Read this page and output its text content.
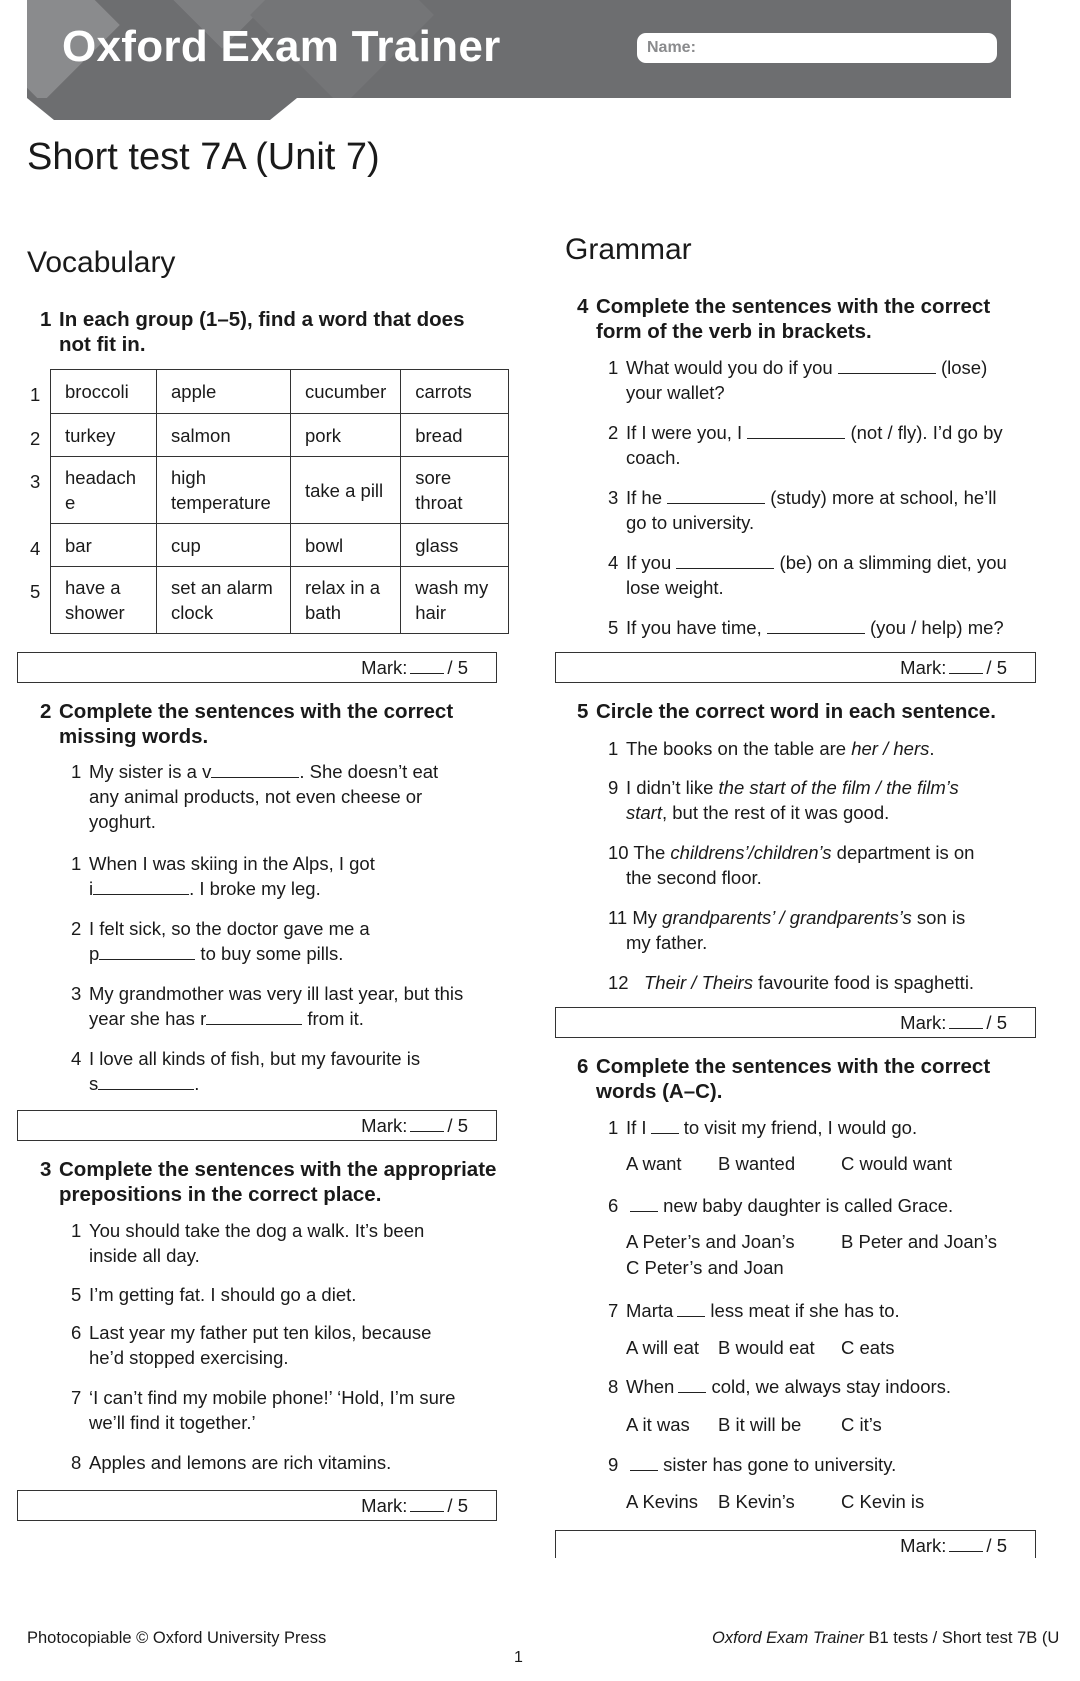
Oxford Exam Trainer	Name:
Short test 7A (Unit 7)
Vocabulary
1 In each group (1–5), find a word that does
not fit in.
1
2
3
4
5
broccoli	apple	cucumber	carrots
turkey	salmon	pork	bread
headach e	high temperature	take a pill	sore throat
bar	cup	bowl	glass
have a shower	set an alarm clock	relax in a bath	wash my hair
Mark: / 5
2 Complete the sentences with the correct
missing words.
1 My sister is a v	. She doesn’t eat
any animal products, not even cheese or
yoghurt.
1 When I was skiing in the Alps, I got
i	. I broke my leg.
2 I felt sick, so the doctor gave me a
p	to buy some pills.
3 My grandmother was very ill last year, but this
year she has r	from it.
4 I love all kinds of fish, but my favourite is
s	.
Mark: / 5
3 Complete the sentences with the appropriate
prepositions in the correct place.
1 You should take the dog a walk. It’s been
inside all day.
5 I’m getting fat. I should go a diet.
6 Last year my father put ten kilos, because
he’d stopped exercising.
7 ‘I can’t find my mobile phone!’ ‘Hold, I’m sure
we’ll find it together.’
8 Apples and lemons are rich vitamins.
Mark: / 5
Grammar
4 Complete the sentences with the correct
form of the verb in brackets.
1 What would you do if you	(lose)
your wallet?
2 If I were you, I	(not / fly). I’d go by
coach.
3 If he	(study) more at school, he’ll
go to university.
4 If you	(be) on a slimming diet, you
lose weight.
5 If you have time,	(you / help) me?
Mark: / 5
5 Circle the correct word in each sentence.
1 The books on the table are her / hers.
9 I didn’t like the start of the film / the film’s
start, but the rest of it was good.
10 The childrens’/children’s department is on
the second floor.
11 My grandparents’ / grandparents’s son is
my father.
12 Their / Theirs favourite food is spaghetti.
Mark: / 5
6 Complete the sentences with the correct
words (A–C).
1 If I to visit my friend, I would go.
A want B wanted C would want
6 new baby daughter is called Grace.
A Peter’s and Joan’s	B Peter and Joan’s
C Peter’s and Joan
7 Marta less meat if she has to.
A will eat B would eat C eats
8 When cold, we always stay indoors.
A it was B it will be C it’s
9 sister has gone to university.
A Kevins B Kevin’s C Kevin is
Mark: / 5
Photocopiable © Oxford University Press	Oxford Exam Trainer B1 tests / Short test 7B (U
1
